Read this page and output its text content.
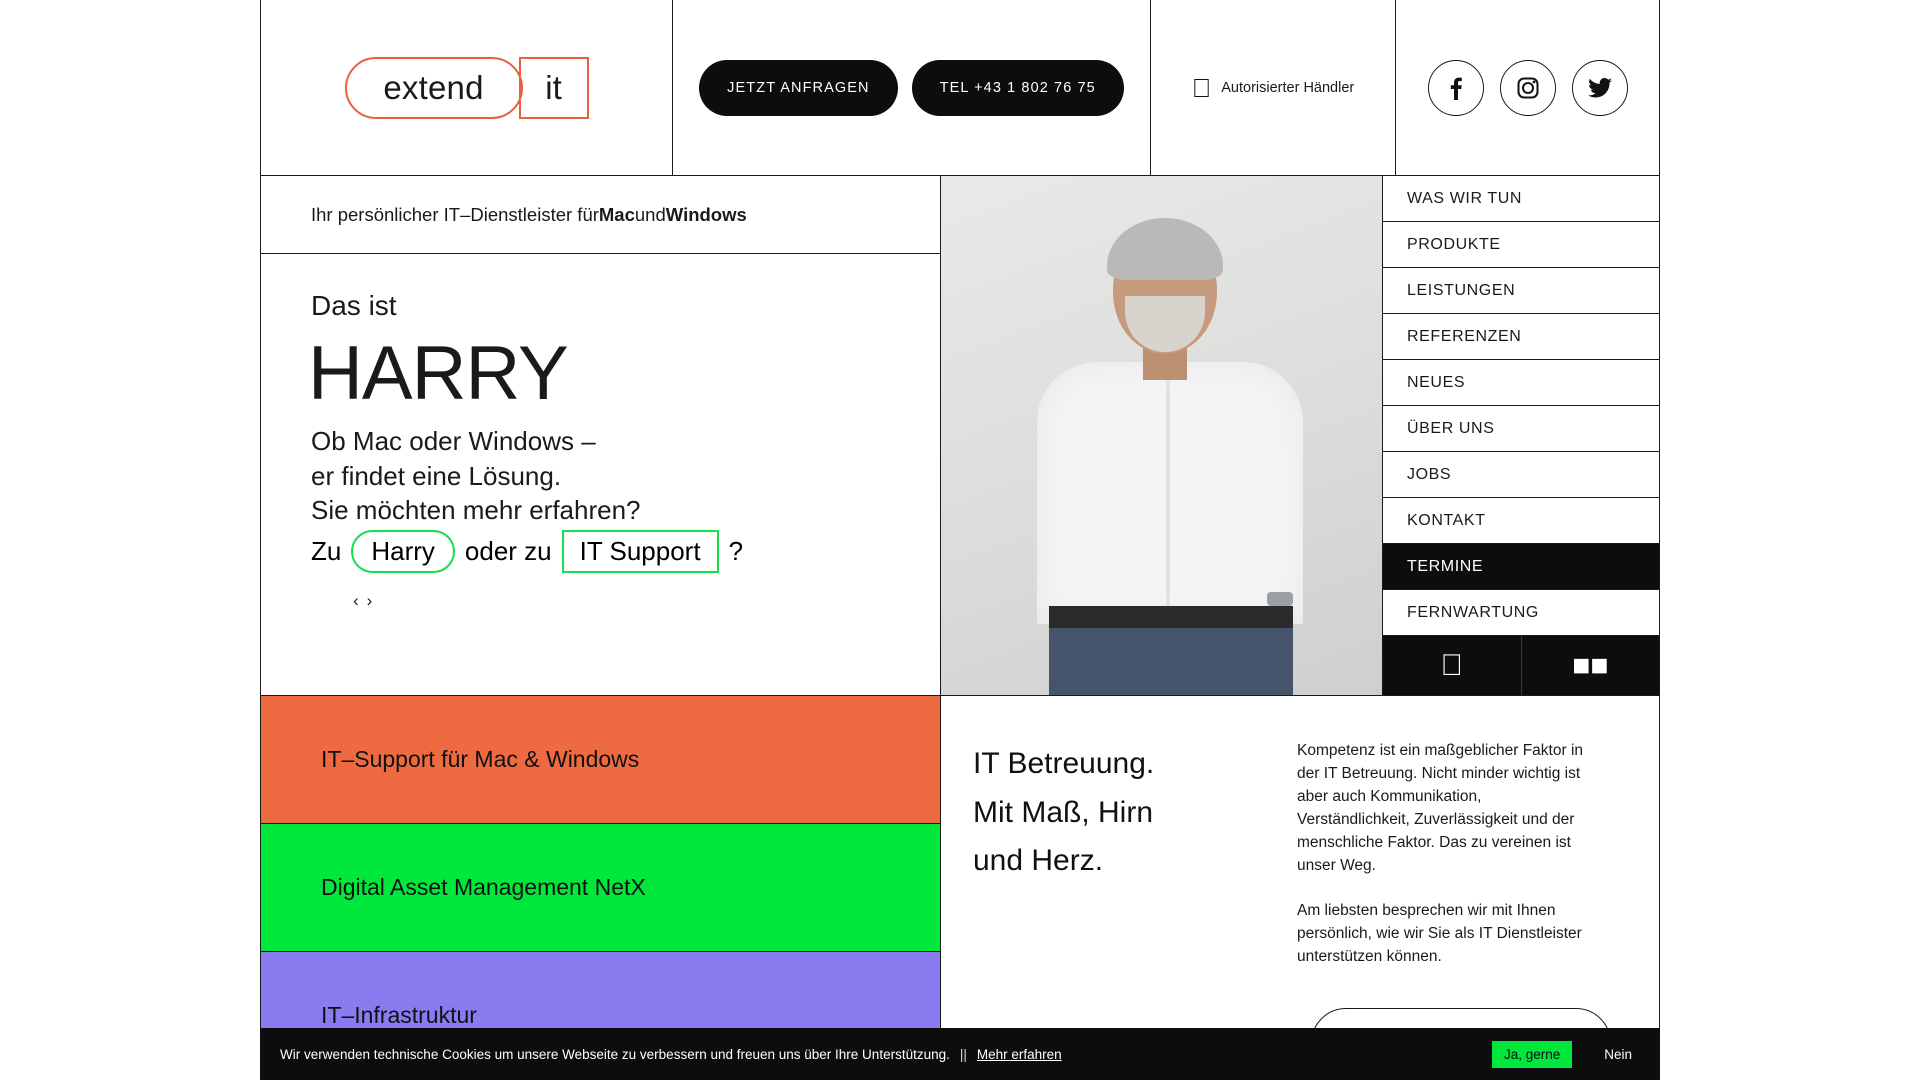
extend	it	JETZT ANFRAGEN	TEL +43 1 802 76 75	Autorisierter Händler
Ihr persönlicher IT–Dienstleister für Mac und Windows
Das ist
HARRY
Ob Mac oder Windows –
er findet eine Lösung.
Sie möchten mehr erfahren?
Zu	Harry	oder zu	IT Support	?
‹ ›
WAS WIR TUN
PRODUKTE
LEISTUNGEN
REFERENZEN
NEUES
ÜBER UNS
JOBS
KONTAKT
TERMINE
FERNWARTUNG
■■
IT–Support für Mac & Windows
Digital Asset Management NetX
IT–Infrastruktur
IT Betreuung.
Mit Maß, Hirn
und Herz.

Kompetenz ist ein maßgeblicher Faktor in der IT Betreuung. Nicht minder wichtig ist aber auch Kommunikation, Verständlichkeit, Zuverlässigkeit und der menschliche Faktor. Das zu vereinen ist unser Weg.

Am liebsten besprechen wir mit Ihnen persönlich, wie wir Sie als IT Dienstleister unterstützen können.

Wir verwenden technische Cookies um unsere Webseite zu verbessern und freuen uns über Ihre Unterstützung. || Mehr erfahren	Ja, gerne	Nein
